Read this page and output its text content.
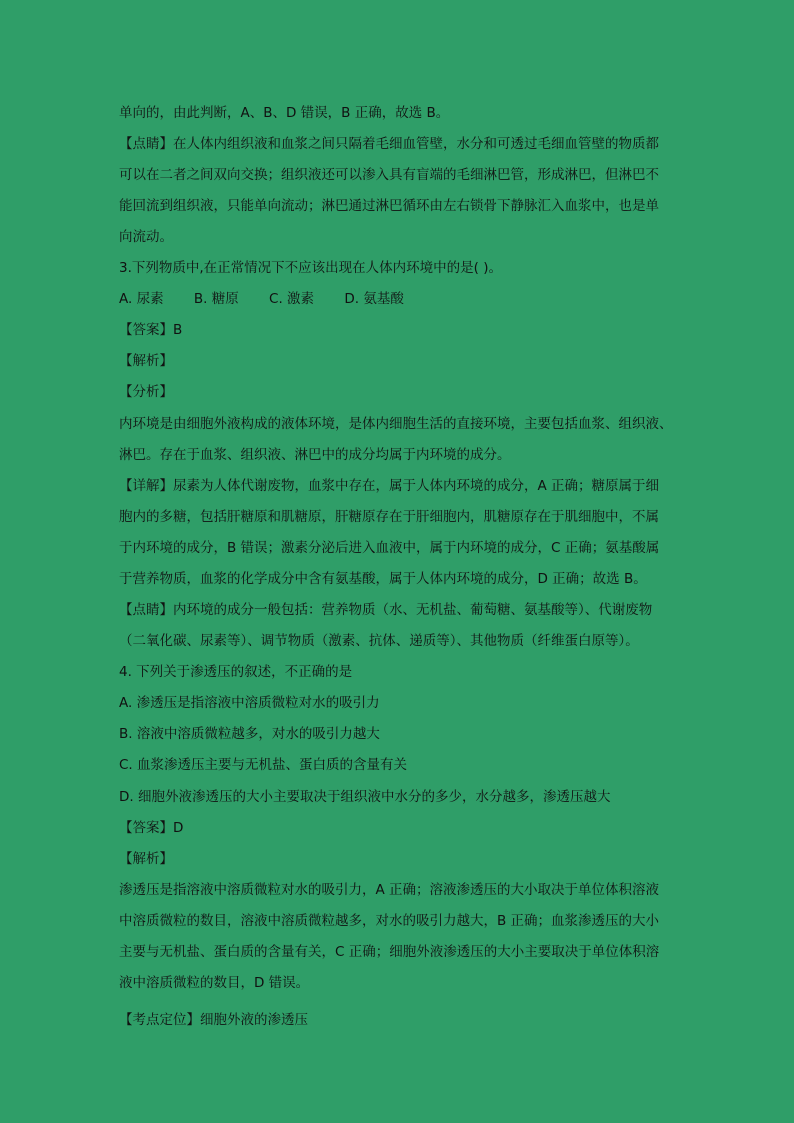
单向的，由此判断，A、B、D 错误，B 正确，故选 B。
【点睛】在人体内组织液和血浆之间只隔着毛细血管壁，水分和可透过毛细血管壁的物质都
可以在二者之间双向交换；组织液还可以渗入具有盲端的毛细淋巴管，形成淋巴，但淋巴不
能回流到组织液，只能单向流动；淋巴通过淋巴循环由左右锁骨下静脉汇入血浆中，也是单
向流动。
3.下列物质中,在正常情况下不应该出现在人体内环境中的是( )。
A. 尿素 B. 糖原 C. 激素 D. 氨基酸
【答案】B
【解析】
【分析】
内环境是由细胞外液构成的液体环境，是体内细胞生活的直接环境，主要包括血浆、组织液、
淋巴。存在于血浆、组织液、淋巴中的成分均属于内环境的成分。
【详解】尿素为人体代谢废物，血浆中存在，属于人体内环境的成分，A 正确；糖原属于细
胞内的多糖，包括肝糖原和肌糖原，肝糖原存在于肝细胞内，肌糖原存在于肌细胞中，不属
于内环境的成分，B 错误；激素分泌后进入血液中，属于内环境的成分，C 正确；氨基酸属
于营养物质，血浆的化学成分中含有氨基酸，属于人体内环境的成分，D 正确；故选 B。
【点睛】内环境的成分一般包括：营养物质（水、无机盐、葡萄糖、氨基酸等）、代谢废物
（二氧化碳、尿素等）、调节物质（激素、抗体、递质等）、其他物质（纤维蛋白原等）。
4. 下列关于渗透压的叙述，不正确的是
A. 渗透压是指溶液中溶质微粒对水的吸引力
B. 溶液中溶质微粒越多，对水的吸引力越大
C. 血浆渗透压主要与无机盐、蛋白质的含量有关
D. 细胞外液渗透压的大小主要取决于组织液中水分的多少，水分越多，渗透压越大
【答案】D
【解析】
渗透压是指溶液中溶质微粒对水的吸引力，A 正确；溶液渗透压的大小取决于单位体积溶液
中溶质微粒的数目，溶液中溶质微粒越多，对水的吸引力越大，B 正确；血浆渗透压的大小
主要与无机盐、蛋白质的含量有关，C 正确；细胞外液渗透压的大小主要取决于单位体积溶
液中溶质微粒的数目，D 错误。
【考点定位】细胞外液的渗透压
